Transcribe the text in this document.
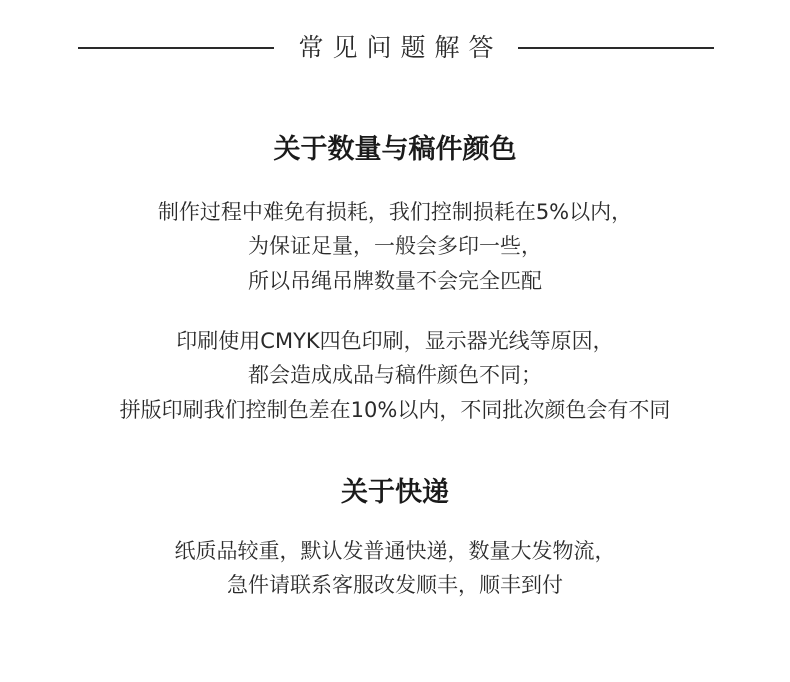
常见问题解答
关于数量与稿件颜色
制作过程中难免有损耗，我们控制损耗在5%以内，
为保证足量，一般会多印一些，
所以吊绳吊牌数量不会完全匹配
印刷使用CMYK四色印刷，显示器光线等原因，
都会造成成品与稿件颜色不同；
拼版印刷我们控制色差在10%以内，不同批次颜色会有不同
关于快递
纸质品较重，默认发普通快递，数量大发物流，
急件请联系客服改发顺丰，顺丰到付
